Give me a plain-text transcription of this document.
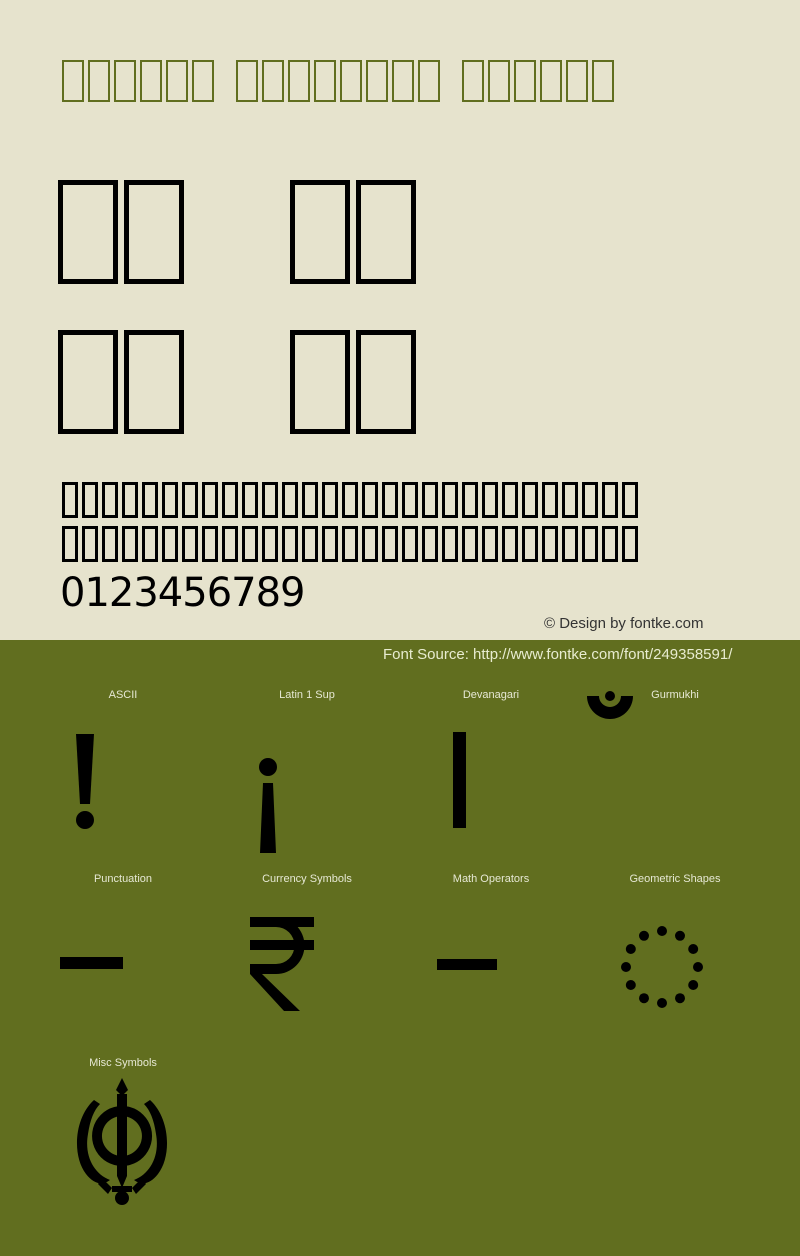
0123456789
© Design by fontke.com
Font Source: http://www.fontke.com/font/249358591/
ASCII	Latin 1 Sup	Devanagari	Gurmukhi
Punctuation	Currency Symbols	Math Operators	Geometric Shapes
Misc Symbols
